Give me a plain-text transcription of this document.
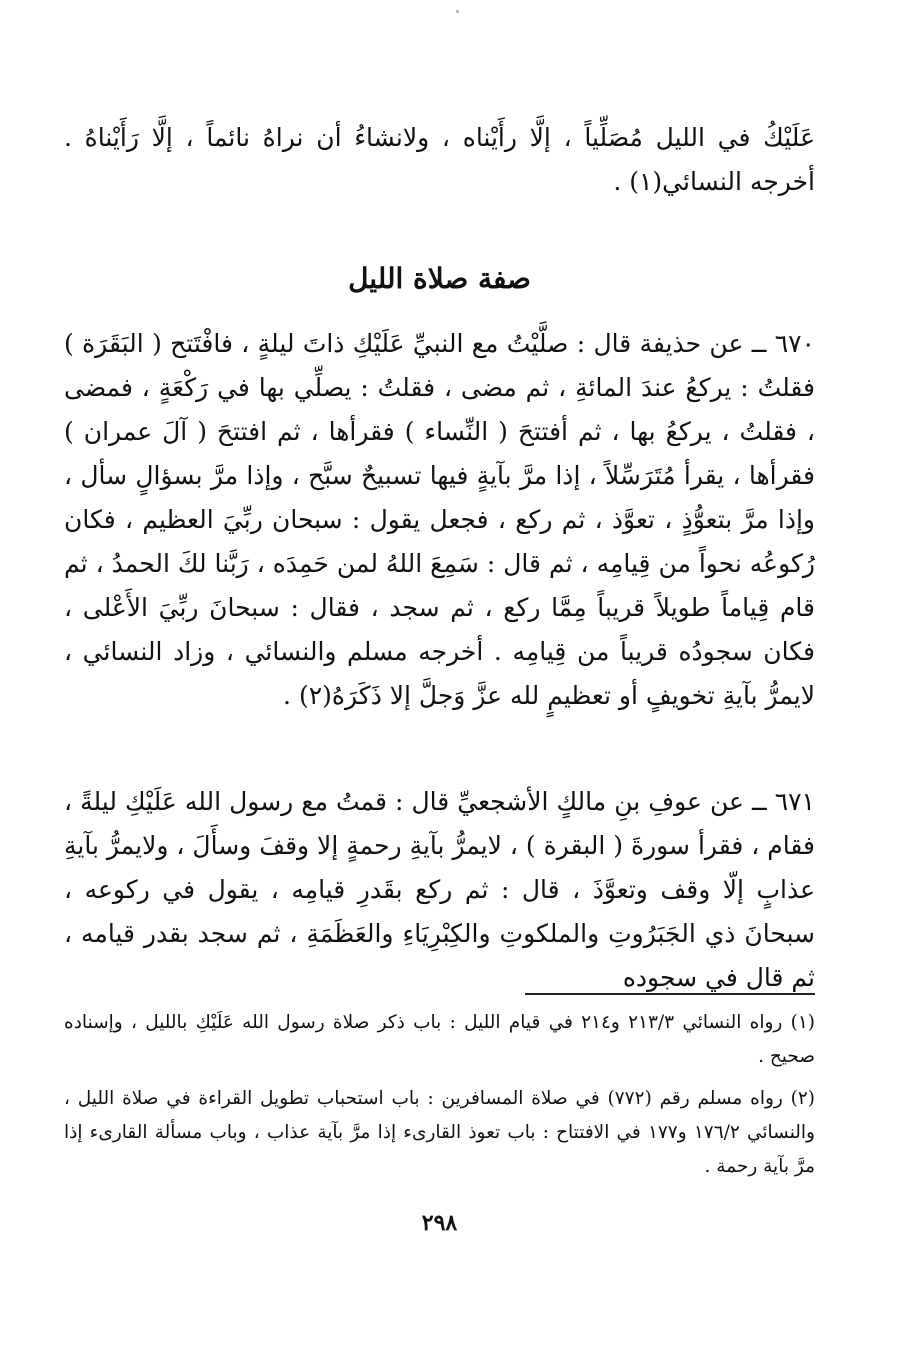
عَلَيْكُ في الليل مُصَلِّياً ، إلَّا رأَيْناه ، ولانشاءُ أن نراهُ نائماً ، إلَّا رَأَيْناهُ . أخرجه النسائي(١) .

صفة صلاة الليل

٦٧٠ ــ عن حذيفة قال : صلَّيْتُ مع النبيِّ عَلَيْكِ ذاتَ ليلةٍ ، فافْتَتح ( البَقَرَة ) فقلتُ : يركعُ عندَ المائةِ ، ثم مضى ، فقلتُ : يصلِّي بها في رَكْعَةٍ ، فمضى ، فقلتُ ، يركعُ بها ، ثم أفتتحَ ( النِّساء ) فقرأها ، ثم افتتحَ ( آلَ عمران ) فقرأها ، يقرأ مُتَرَسِّلاً ، إذا مرَّ بآيةٍ فيها تسبيحٌ سبَّح ، وإذا مرَّ بسؤالٍ سأل ، وإذا مرَّ بتعوُّذٍ ، تعوَّذ ، ثم ركع ، فجعل يقول : سبحان ربِّيَ العظيم ، فكان رُكوعُه نحواً من قِيامِه ، ثم قال : سَمِعَ اللهُ لمن حَمِدَه ، رَبَّنا لكَ الحمدُ ، ثم قام قِياماً طويلاً قريباً مِمَّا ركع ، ثم سجد ، فقال : سبحانَ ربِّيَ الأَعْلى ، فكان سجودُه قريباً من قِيامِه . أخرجه مسلم والنسائي ، وزاد النسائي ، لايمرُّ بآيةِ تخويفٍ أو تعظيمٍ لله عزَّ وَجلَّ إلا ذَكَرَهُ(٢) .

٦٧١ ــ عن عوفِ بنِ مالكٍ الأشجعيِّ قال : قمتُ مع رسول الله عَلَيْكِ ليلةً ، فقام ، فقرأ سورةَ ( البقرة ) ، لايمرُّ بآيةِ رحمةٍ إلا وقفَ وسأَلَ ، ولايمرُّ بآيةِ عذابٍ إلّا وقف وتعوَّذَ ، قال : ثم ركع بقَدرِ قيامِه ، يقول في ركوعه ، سبحانَ ذي الجَبَرُوتِ والملكوتِ والكِبْرِيَاءِ والعَظَمَةِ ، ثم سجد بقدر قيامه ، ثم قال في سجوده

(١) رواه النسائي ٢١٣/٣ و٢١٤ في قيام الليل : باب ذكر صلاة رسول الله عَلَيْكِ بالليل ، وإسناده صحيح .

(٢) رواه مسلم رقم (٧٧٢) في صلاة المسافرين : باب استحباب تطويل القراءة في صلاة الليل ، والنسائي ١٧٦/٢ و١٧٧ في الافتتاح : باب تعوذ القارىء إذا مرَّ بآية عذاب ، وباب مسألة القارىء إذا مرَّ بآية رحمة .

٢٩٨
